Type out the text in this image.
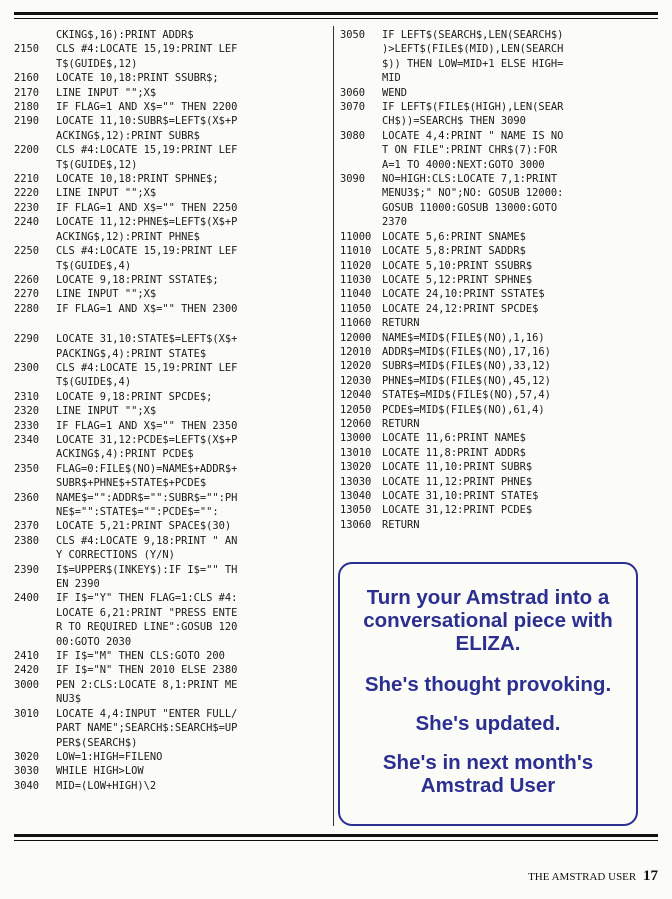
CKING$,16):PRINT ADDR$
2150	CLS #4:LOCATE 15,19:PRINT LEF
T$(GUIDE$,12)
2160	LOCATE 10,18:PRINT SSUBR$;
2170	LINE INPUT "";X$
2180	IF FLAG=1 AND X$="" THEN 2200
2190	LOCATE 11,10:SUBR$=LEFT$(X$+P
ACKING$,12):PRINT SUBR$
2200	CLS #4:LOCATE 15,19:PRINT LEF
T$(GUIDE$,12)
2210	LOCATE 10,18:PRINT SPHNE$;
2220	LINE INPUT "";X$
2230	IF FLAG=1 AND X$="" THEN 2250
2240	LOCATE 11,12:PHNE$=LEFT$(X$+P
ACKING$,12):PRINT PHNE$
2250	CLS #4:LOCATE 15,19:PRINT LEF
T$(GUIDE$,4)
2260	LOCATE 9,18:PRINT SSTATE$;
2270	LINE INPUT "";X$
2280	IF FLAG=1 AND X$="" THEN 2300
2290	LOCATE 31,10:STATE$=LEFT$(X$+
PACKING$,4):PRINT STATE$
2300	CLS #4:LOCATE 15,19:PRINT LEF
T$(GUIDE$,4)
2310	LOCATE 9,18:PRINT SPCDE$;
2320	LINE INPUT "";X$
2330	IF FLAG=1 AND X$="" THEN 2350
2340	LOCATE 31,12:PCDE$=LEFT$(X$+P
ACKING$,4):PRINT PCDE$
2350	FLAG=0:FILE$(NO)=NAME$+ADDR$+
SUBR$+PHNE$+STATE$+PCDE$
2360	NAME$="":ADDR$="":SUBR$="":PH
NE$="":STATE$="":PCDE$="":
2370	LOCATE 5,21:PRINT SPACE$(30)
2380	CLS #4:LOCATE 9,18:PRINT " AN
Y CORRECTIONS (Y/N)
2390	I$=UPPER$(INKEY$):IF I$="" TH
EN 2390
2400	IF I$="Y" THEN FLAG=1:CLS #4:
LOCATE 6,21:PRINT "PRESS ENTE
R TO REQUIRED LINE":GOSUB 120
00:GOTO 2030
2410	IF I$="M" THEN CLS:GOTO 200
2420	IF I$="N" THEN 2010 ELSE 2380
3000	PEN 2:CLS:LOCATE 8,1:PRINT ME
NU3$
3010	LOCATE 4,4:INPUT "ENTER FULL/
PART NAME";SEARCH$:SEARCH$=UP
PER$(SEARCH$)
3020	LOW=1:HIGH=FILENO
3030	WHILE HIGH>LOW
3040	MID=(LOW+HIGH)\2
3050	IF LEFT$(SEARCH$,LEN(SEARCH$)
)>LEFT$(FILE$(MID),LEN(SEARCH
$)) THEN LOW=MID+1 ELSE HIGH=
MID
3060	WEND
3070	IF LEFT$(FILE$(HIGH),LEN(SEAR
CH$))=SEARCH$ THEN 3090
3080	LOCATE 4,4:PRINT " NAME IS NO
T ON FILE":PRINT CHR$(7):FOR
A=1 TO 4000:NEXT:GOTO 3000
3090	NO=HIGH:CLS:LOCATE 7,1:PRINT
MENU3$;" NO";NO: GOSUB 12000:
GOSUB 11000:GOSUB 13000:GOTO
2370
11000	LOCATE 5,6:PRINT SNAME$
11010	LOCATE 5,8:PRINT SADDR$
11020	LOCATE 5,10:PRINT SSUBR$
11030	LOCATE 5,12:PRINT SPHNE$
11040	LOCATE 24,10:PRINT SSTATE$
11050	LOCATE 24,12:PRINT SPCDE$
11060	RETURN
12000	NAME$=MID$(FILE$(NO),1,16)
12010	ADDR$=MID$(FILE$(NO),17,16)
12020	SUBR$=MID$(FILE$(NO),33,12)
12030	PHNE$=MID$(FILE$(NO),45,12)
12040	STATE$=MID$(FILE$(NO),57,4)
12050	PCDE$=MID$(FILE$(NO),61,4)
12060	RETURN
13000	LOCATE 11,6:PRINT NAME$
13010	LOCATE 11,8:PRINT ADDR$
13020	LOCATE 11,10:PRINT SUBR$
13030	LOCATE 11,12:PRINT PHNE$
13040	LOCATE 31,10:PRINT STATE$
13050	LOCATE 31,12:PRINT PCDE$
13060	RETURN
Turn your Amstrad into a
conversational piece with
ELIZA.
She's thought provoking.
She's updated.
She's in next month's
Amstrad User
THE AMSTRAD USER 17
